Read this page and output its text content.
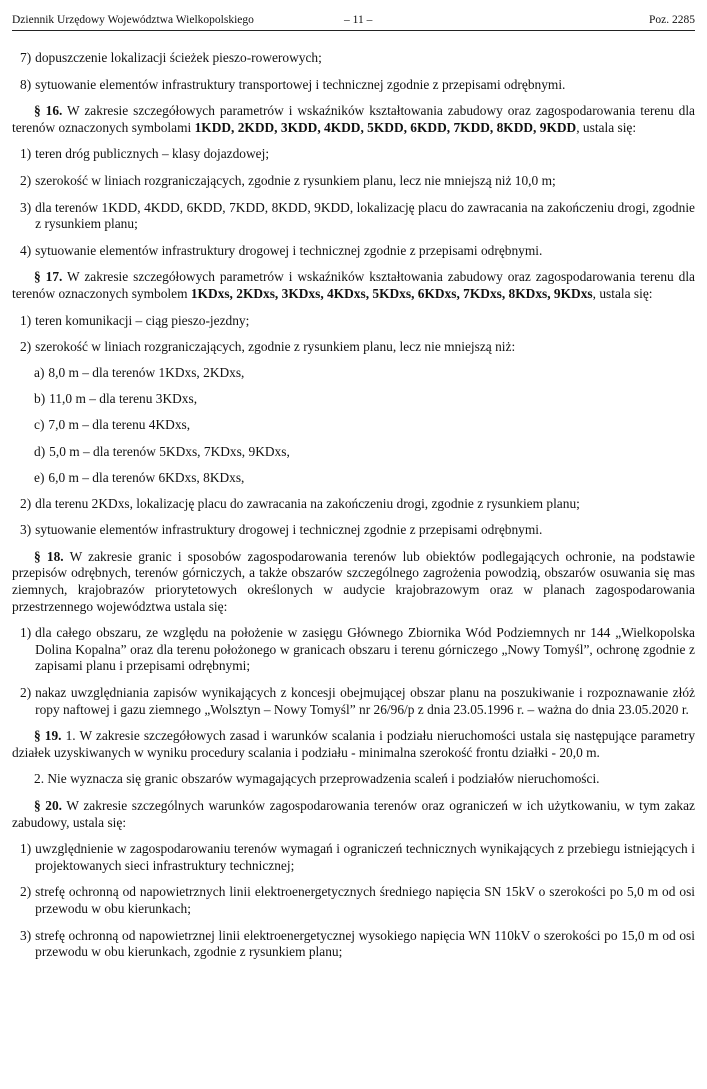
Dziennik Urzędowy Województwa Wielkopolskiego	– 11 –	Poz. 2285
7) dopuszczenie lokalizacji ścieżek pieszo-rowerowych;
8) sytuowanie elementów infrastruktury transportowej i technicznej zgodnie z przepisami odrębnymi.

§ 16. W zakresie szczegółowych parametrów i wskaźników kształtowania zabudowy oraz zagospodarowania terenu dla terenów oznaczonych symbolami 1KDD, 2KDD, 3KDD, 4KDD, 5KDD, 6KDD, 7KDD, 8KDD, 9KDD, ustala się:

1) teren dróg publicznych – klasy dojazdowej;
2) szerokość w liniach rozgraniczających, zgodnie z rysunkiem planu, lecz nie mniejszą niż 10,0 m;
3) dla terenów 1KDD, 4KDD, 6KDD, 7KDD, 8KDD, 9KDD, lokalizację placu do zawracania na zakończeniu drogi, zgodnie z rysunkiem planu;
4) sytuowanie elementów infrastruktury drogowej i technicznej zgodnie z przepisami odrębnymi.

§ 17. W zakresie szczegółowych parametrów i wskaźników kształtowania zabudowy oraz zagospodarowania terenu dla terenów oznaczonych symbolem 1KDxs, 2KDxs, 3KDxs, 4KDxs, 5KDxs, 6KDxs, 7KDxs, 8KDxs, 9KDxs, ustala się:

1) teren komunikacji – ciąg pieszo-jezdny;
2) szerokość w liniach rozgraniczających, zgodnie z rysunkiem planu, lecz nie mniejszą niż:
a) 8,0 m – dla terenów 1KDxs, 2KDxs,
b) 11,0 m – dla terenu 3KDxs,
c) 7,0 m – dla terenu 4KDxs,
d) 5,0 m – dla terenów 5KDxs, 7KDxs, 9KDxs,
e) 6,0 m – dla terenów 6KDxs, 8KDxs,
2) dla terenu 2KDxs, lokalizację placu do zawracania na zakończeniu drogi, zgodnie z rysunkiem planu;
3) sytuowanie elementów infrastruktury drogowej i technicznej zgodnie z przepisami odrębnymi.

§ 18. W zakresie granic i sposobów zagospodarowania terenów lub obiektów podlegających ochronie, na podstawie przepisów odrębnych, terenów górniczych, a także obszarów szczególnego zagrożenia powodzią, obszarów osuwania się mas ziemnych, krajobrazów priorytetowych określonych w audycie krajobrazowym oraz w planach zagospodarowania przestrzennego województwa ustala się:

1) dla całego obszaru, ze względu na położenie w zasięgu Głównego Zbiornika Wód Podziemnych nr 144 „Wielkopolska Dolina Kopalna” oraz dla terenu położonego w granicach obszaru i terenu górniczego „Nowy Tomyśl”, ochronę zgodnie z zapisami planu i przepisami odrębnymi;
2) nakaz uwzględniania zapisów wynikających z koncesji obejmującej obszar planu na poszukiwanie i rozpoznawanie złóż ropy naftowej i gazu ziemnego „Wolsztyn – Nowy Tomyśl” nr 26/96/p z dnia 23.05.1996 r. – ważna do dnia 23.05.2020 r.

§ 19. 1. W zakresie szczegółowych zasad i warunków scalania i podziału nieruchomości ustala się następujące parametry działek uzyskiwanych w wyniku procedury scalania i podziału - minimalna szerokość frontu działki - 20,0 m.

2. Nie wyznacza się granic obszarów wymagających przeprowadzenia scaleń i podziałów nieruchomości.

§ 20. W zakresie szczególnych warunków zagospodarowania terenów oraz ograniczeń w ich użytkowaniu, w tym zakaz zabudowy, ustala się:

1) uwzględnienie w zagospodarowaniu terenów wymagań i ograniczeń technicznych wynikających z przebiegu istniejących i projektowanych sieci infrastruktury technicznej;
2) strefę ochronną od napowietrznych linii elektroenergetycznych średniego napięcia SN 15kV o szerokości po 5,0 m od osi przewodu w obu kierunkach;
3) strefę ochronną od napowietrznej linii elektroenergetycznej wysokiego napięcia WN 110kV o szerokości po 15,0 m od osi przewodu w obu kierunkach, zgodnie z rysunkiem planu;
